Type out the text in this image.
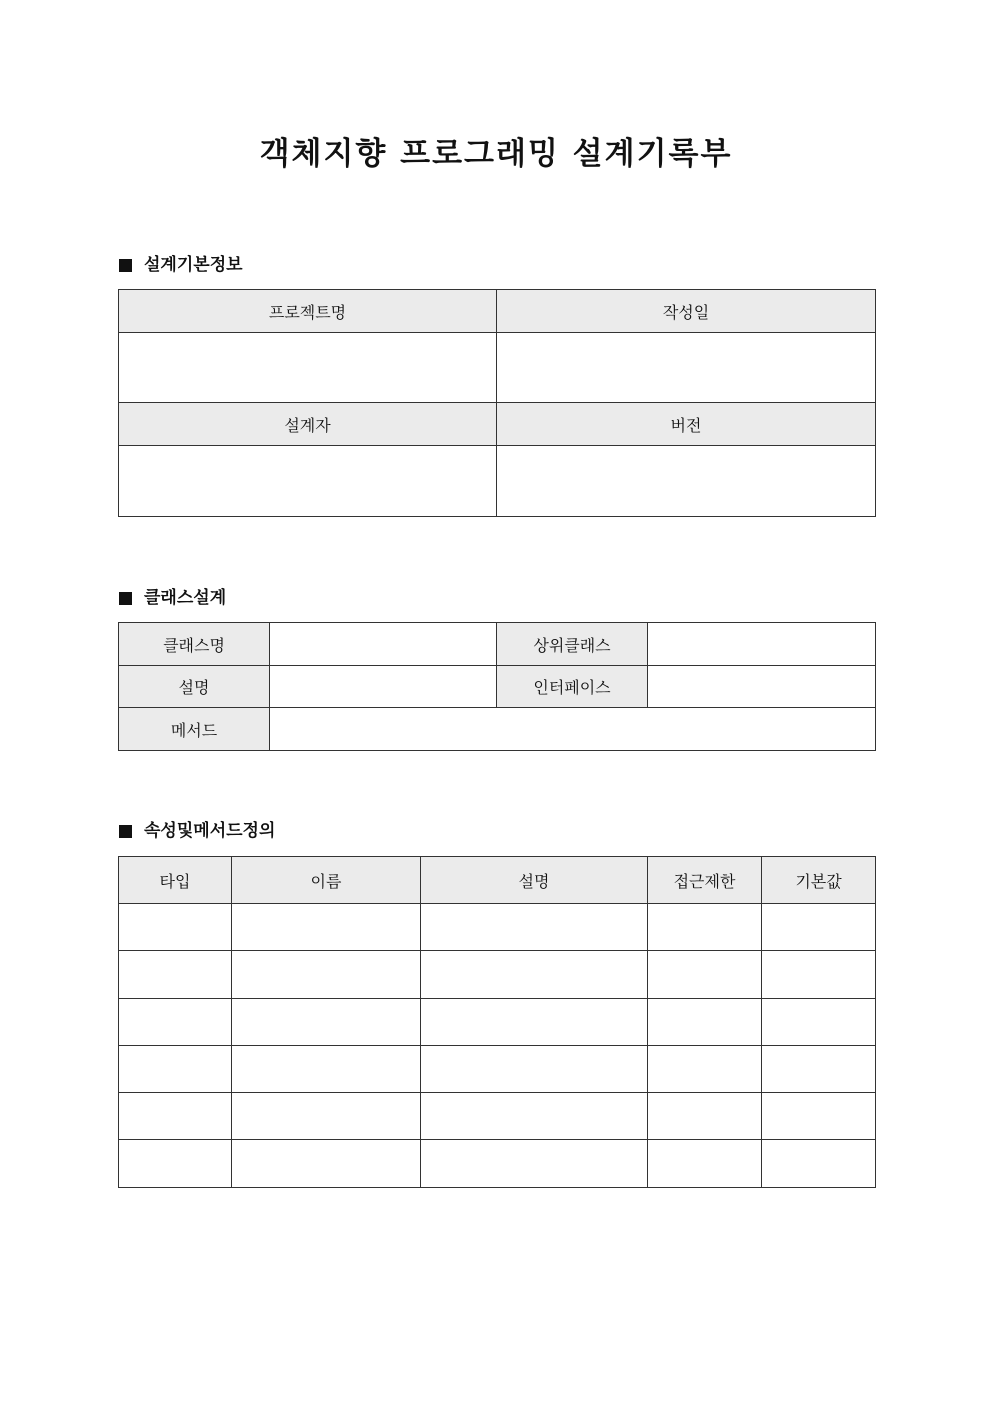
객체지향 프로그래밍 설계기록부
설계기본정보
프로젝트명	작성일

설계자	버전

클래스설계
클래스명		상위클래스	
설명		인터페이스	
메서드			
속성및메서드정의
타입	이름	설명	접근제한	기본값
